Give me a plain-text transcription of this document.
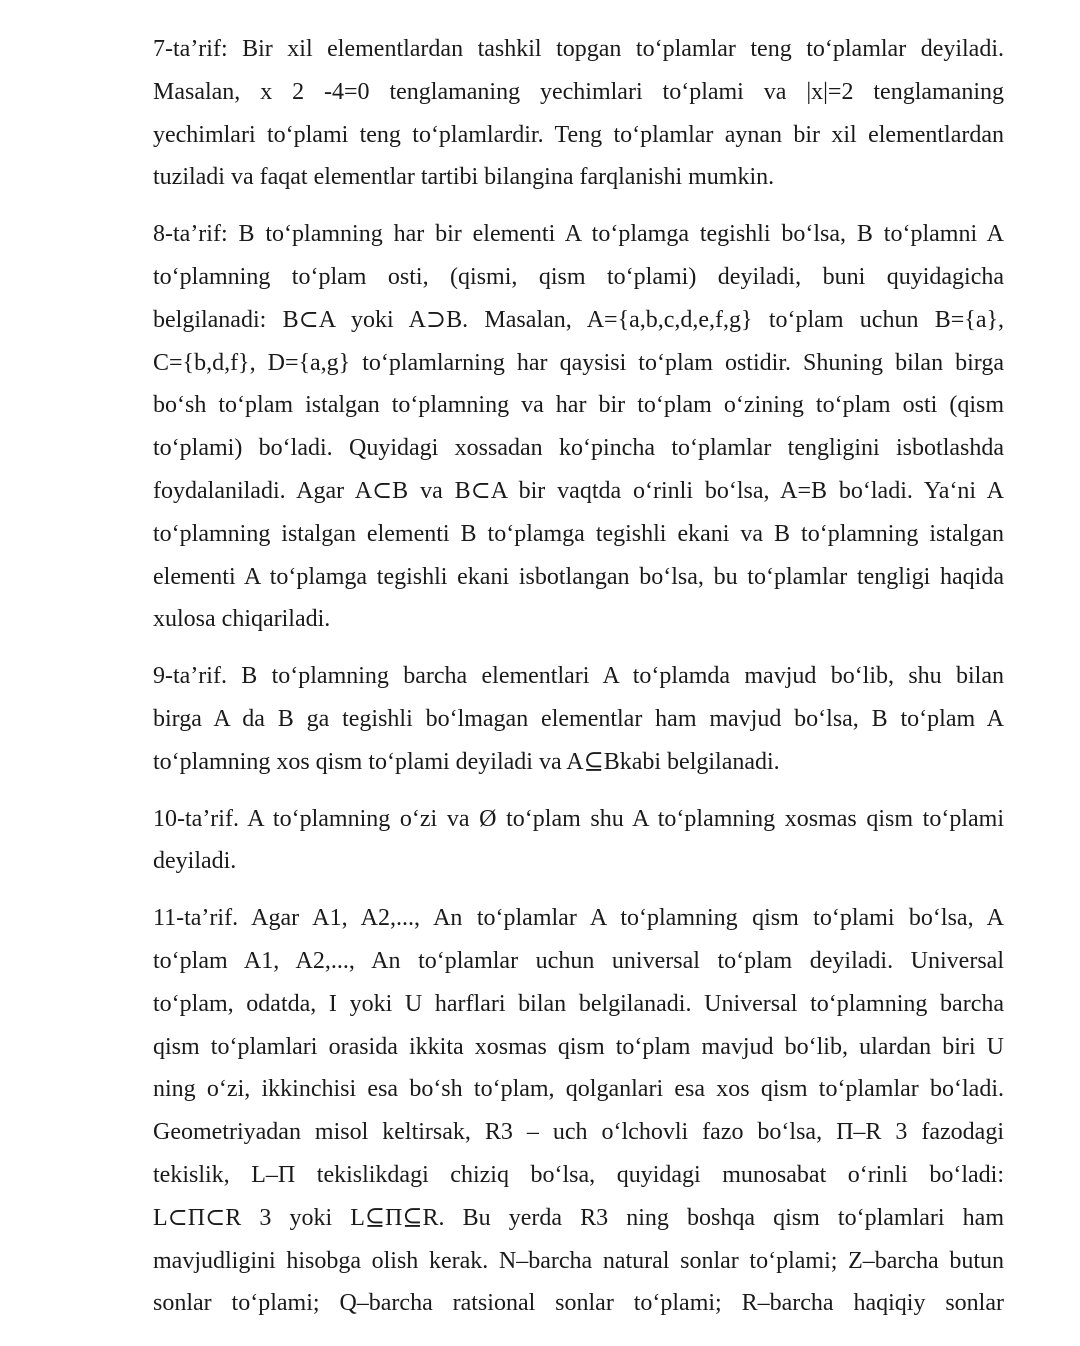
7-ta’rif: Bir xil elementlardan tashkil topgan to‘plamlar teng to‘plamlar deyiladi.
Masalan, x 2 -4=0 tenglamaning yechimlari to‘plami va |x|=2 tenglamaning
yechimlari to‘plami teng to‘plamlardir. Teng to‘plamlar aynan bir xil elementlardan
tuziladi va faqat elementlar tartibi bilangina farqlanishi mumkin.
8-ta’rif: B to‘plamning har bir elementi A to‘plamga tegishli bo‘lsa, B to‘plamni A
to‘plamning to‘plam osti, (qismi, qism to‘plami) deyiladi, buni quyidagicha
belgilanadi: B⊂A yoki A⊃B. Masalan, A={a,b,c,d,e,f,g} to‘plam uchun B={a},
C={b,d,f}, D={a,g} to‘plamlarning har qaysisi to‘plam ostidir. Shuning bilan birga
bo‘sh to‘plam istalgan to‘plamning va har bir to‘plam o‘zining to‘plam osti (qism
to‘plami) bo‘ladi. Quyidagi xossadan ko‘pincha to‘plamlar tengligini isbotlashda
foydalaniladi. Agar A⊂B va B⊂A bir vaqtda o‘rinli bo‘lsa, A=B bo‘ladi. Ya‘ni A
to‘plamning istalgan elementi B to‘plamga tegishli ekani va B to‘plamning istalgan
elementi A to‘plamga tegishli ekani isbotlangan bo‘lsa, bu to‘plamlar tengligi haqida
xulosa chiqariladi.
9-ta’rif. B to‘plamning barcha elementlari A to‘plamda mavjud bo‘lib, shu bilan
birga A da B ga tegishli bo‘lmagan elementlar ham mavjud bo‘lsa, B to‘plam A
to‘plamning xos qism to‘plami deyiladi va A⊆Bkabi belgilanadi.
10-ta’rif. A to‘plamning o‘zi va Ø to‘plam shu A to‘plamning xosmas qism to‘plami
deyiladi.
11-ta’rif. Agar A1, A2,..., An to‘plamlar A to‘plamning qism to‘plami bo‘lsa, A
to‘plam A1, A2,..., An to‘plamlar uchun universal to‘plam deyiladi. Universal
to‘plam, odatda, I yoki U harflari bilan belgilanadi. Universal to‘plamning barcha
qism to‘plamlari orasida ikkita xosmas qism to‘plam mavjud bo‘lib, ulardan biri U
ning o‘zi, ikkinchisi esa bo‘sh to‘plam, qolganlari esa xos qism to‘plamlar bo‘ladi.
Geometriyadan misol keltirsak, R3 – uch o‘lchovli fazo bo‘lsa, П–R 3 fazodagi
tekislik, L–П tekislikdagi chiziq bo‘lsa, quyidagi munosabat o‘rinli bo‘ladi:
L⊂П⊂R 3 yoki L⊆П⊆R. Bu yerda R3 ning boshqa qism to‘plamlari ham
mavjudligini hisobga olish kerak. N–barcha natural sonlar to‘plami; Z–barcha butun
sonlar to‘plami; Q–barcha ratsional sonlar to‘plami; R–barcha haqiqiy sonlar
